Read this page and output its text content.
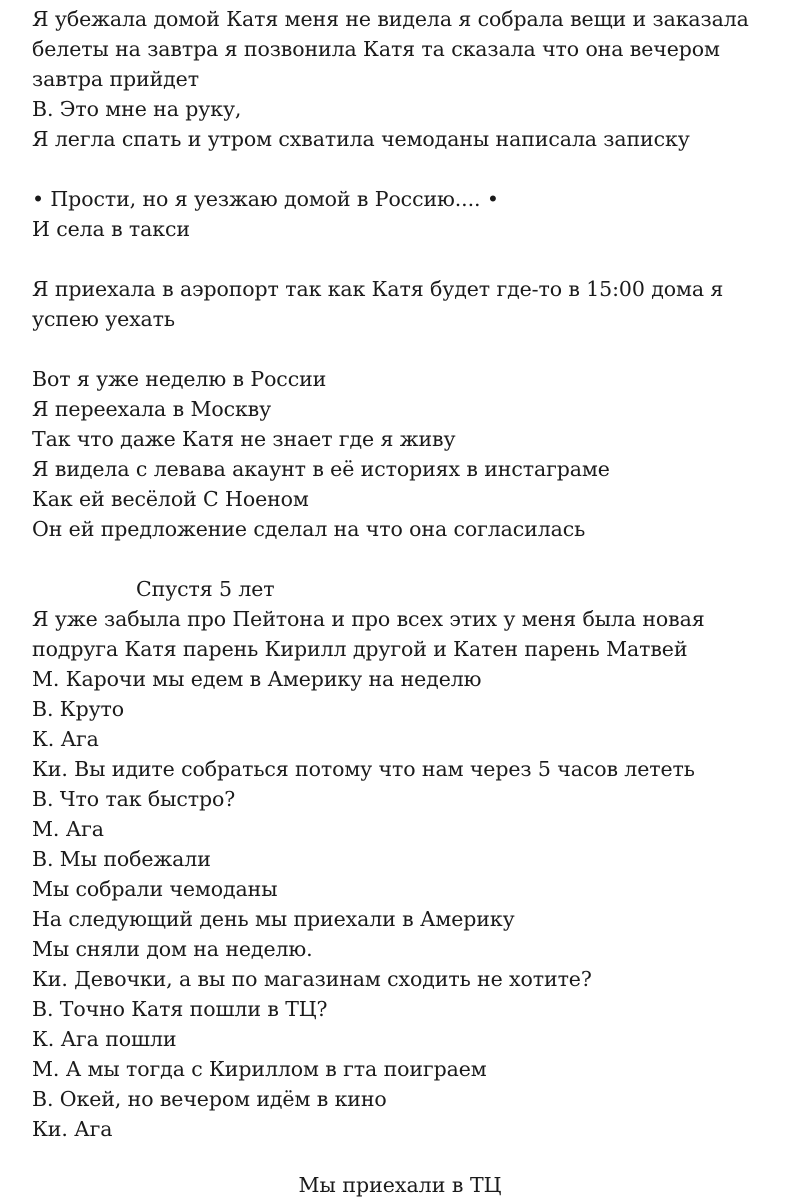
Я убежала домой Катя меня не видела я собрала вещи и заказала
белеты на завтра я позвонила Катя та сказала что она вечером
завтра прийдет
В. Это мне на руку,
Я легла спать и утром схватила чемоданы написала записку
• Прости, но я уезжаю домой в Россию.... •
И села в такси
Я приехала в аэропорт так как Катя будет где-то в 15:00 дома я
успею уехать
Вот я уже неделю в России
Я переехала в Москву
Так что даже Катя не знает где я живу
Я видела с левава акаунт в её историях в инстаграме
Как ей весёлой С Ноеном
Он ей предложение сделал на что она согласилась
Спустя 5 лет
Я уже забыла про Пейтона и про всех этих у меня была новая
подруга Катя парень Кирилл другой и Катен парень Матвей
М. Карочи мы едем в Америку на неделю
В. Круто
К. Ага
Ки. Вы идите собраться потому что нам через 5 часов лететь
В. Что так быстро?
М. Ага
В. Мы побежали
Мы собрали чемоданы
На следующий день мы приехали в Америку
Мы сняли дом на неделю.
Ки. Девочки, а вы по магазинам сходить не хотите?
В. Точно Катя пошли в ТЦ?
К. Ага пошли
М. А мы тогда с Кириллом в гта поиграем
В. Окей, но вечером идём в кино
Ки. Ага
Мы приехали в ТЦ
